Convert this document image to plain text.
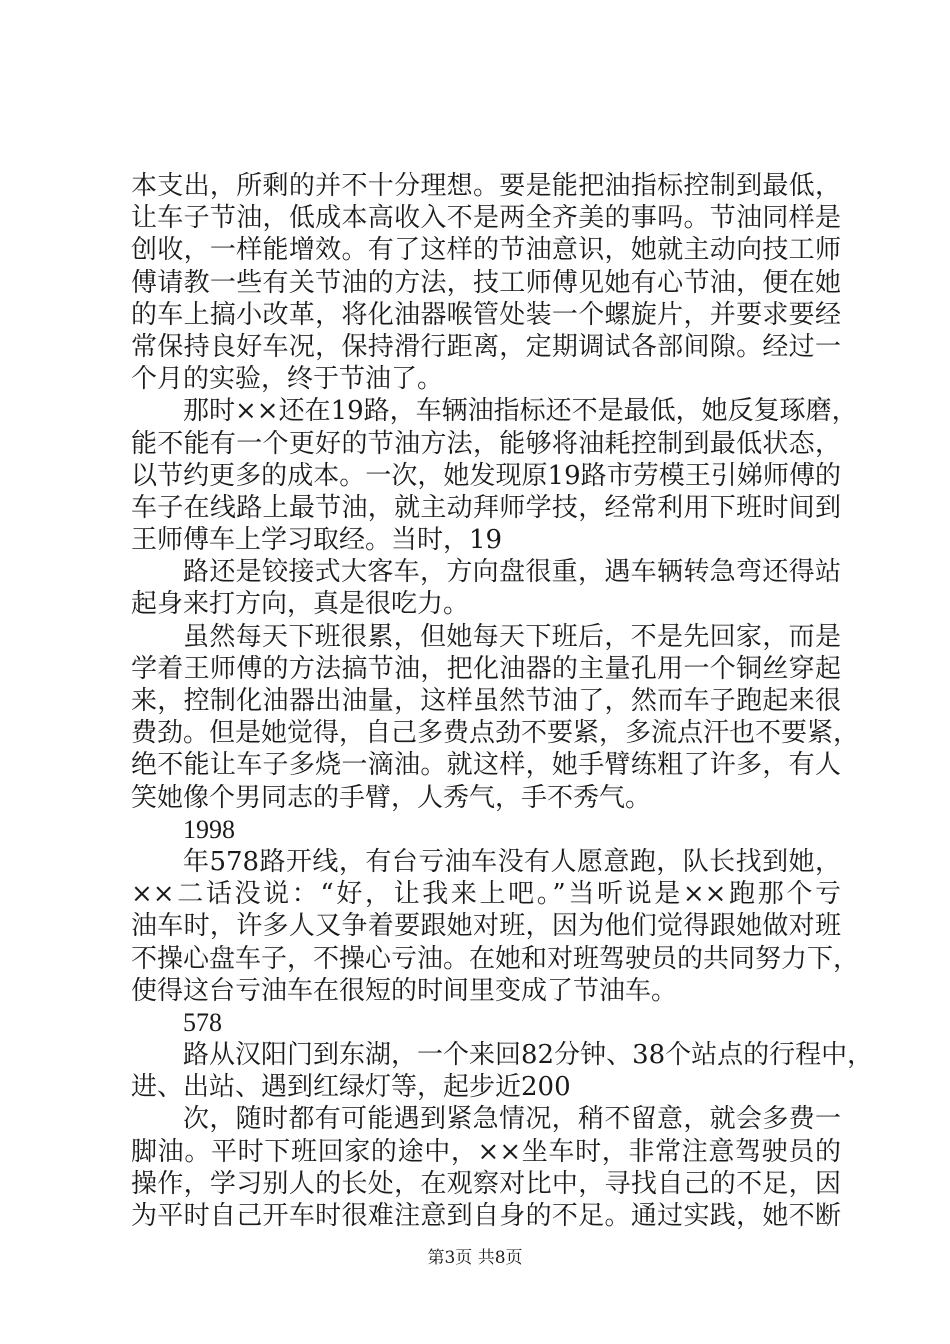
本支出，所剩的并不十分理想。要是能把油指标控制到最低，
让车子节油，低成本高收入不是两全齐美的事吗。节油同样是
创收，一样能增效。有了这样的节油意识，她就主动向技工师
傅请教一些有关节油的方法，技工师傅见她有心节油，便在她
的车上搞小改革，将化油器喉管处装一个螺旋片，并要求要经
常保持良好车况，保持滑行距离，定期调试各部间隙。经过一
个月的实验，终于节油了。
那时××还在19路，车辆油指标还不是最低，她反复琢磨，
能不能有一个更好的节油方法，能够将油耗控制到最低状态，
以节约更多的成本。一次，她发现原19路市劳模王引娣师傅的
车子在线路上最节油，就主动拜师学技，经常利用下班时间到
王师傅车上学习取经。当时，19
路还是铰接式大客车，方向盘很重，遇车辆转急弯还得站
起身来打方向，真是很吃力。
虽然每天下班很累，但她每天下班后，不是先回家，而是
学着王师傅的方法搞节油，把化油器的主量孔用一个铜丝穿起
来，控制化油器出油量，这样虽然节油了，然而车子跑起来很
费劲。但是她觉得，自己多费点劲不要紧，多流点汗也不要紧，
绝不能让车子多烧一滴油。就这样，她手臂练粗了许多，有人
笑她像个男同志的手臂，人秀气，手不秀气。
1998
年578路开线，有台亏油车没有人愿意跑，队长找到她，
××二话没说：“好，让我来上吧。”当听说是××跑那个亏
油车时，许多人又争着要跟她对班，因为他们觉得跟她做对班
不操心盘车子，不操心亏油。在她和对班驾驶员的共同努力下，
使得这台亏油车在很短的时间里变成了节油车。
578
路从汉阳门到东湖，一个来回82分钟、38个站点的行程中，
进、出站、遇到红绿灯等，起步近200
次，随时都有可能遇到紧急情况，稍不留意，就会多费一
脚油。平时下班回家的途中，××坐车时，非常注意驾驶员的
操作，学习别人的长处，在观察对比中，寻找自己的不足，因
为平时自己开车时很难注意到自身的不足。通过实践，她不断
第3页 共8页
